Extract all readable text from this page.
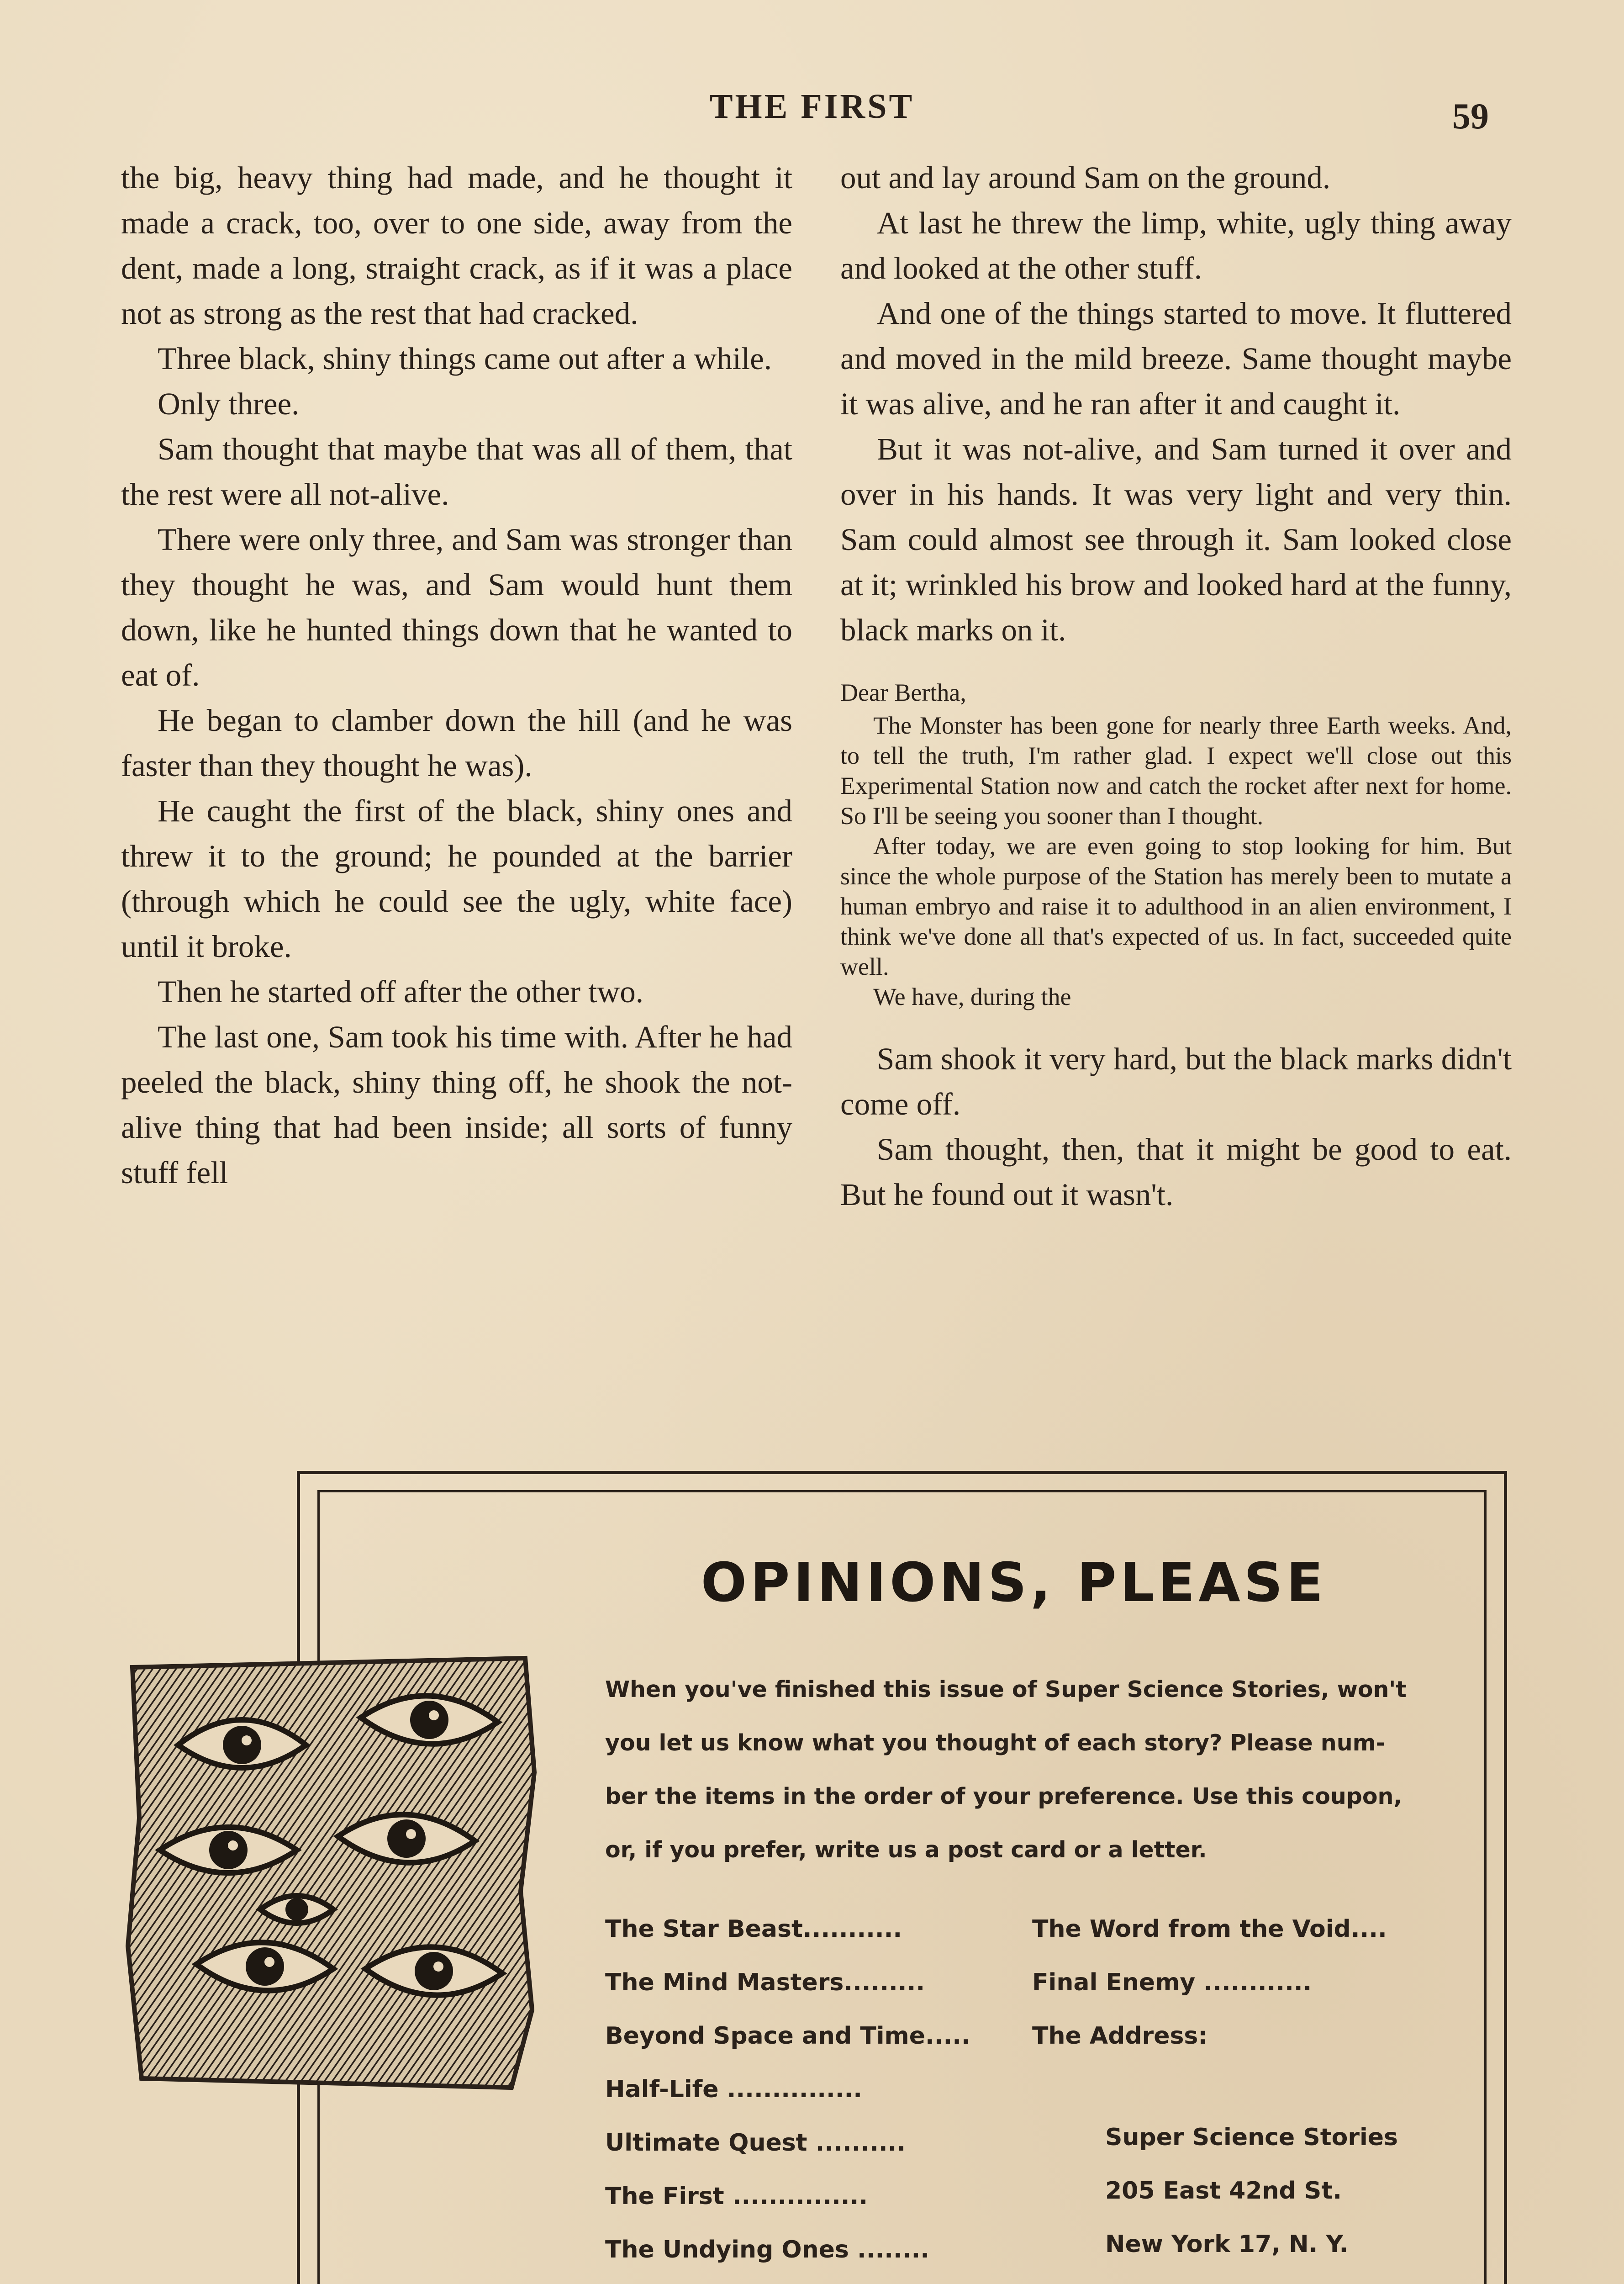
THE FIRST	59

the big, heavy thing had made, and he thought it made a crack, too, over to one side, away from the dent, made a long, straight crack, as if it was a place not as strong as the rest that had cracked.

Three black, shiny things came out after a while.

Only three.

Sam thought that maybe that was all of them, that the rest were all not-alive.

There were only three, and Sam was stronger than they thought he was, and Sam would hunt them down, like he hunted things down that he wanted to eat of.

He began to clamber down the hill (and he was faster than they thought he was).

He caught the first of the black, shiny ones and threw it to the ground; he pounded at the barrier (through which he could see the ugly, white face) until it broke.

Then he started off after the other two.

The last one, Sam took his time with. After he had peeled the black, shiny thing off, he shook the not-alive thing that had been inside; all sorts of funny stuff fell

out and lay around Sam on the ground.

At last he threw the limp, white, ugly thing away and looked at the other stuff.

And one of the things started to move. It fluttered and moved in the mild breeze. Same thought maybe it was alive, and he ran after it and caught it.

But it was not-alive, and Sam turned it over and over in his hands. It was very light and very thin. Sam could almost see through it. Sam looked close at it; wrinkled his brow and looked hard at the funny, black marks on it.

Dear Bertha,

The Monster has been gone for nearly three Earth weeks. And, to tell the truth, I'm rather glad. I expect we'll close out this Experimental Station now and catch the rocket after next for home. So I'll be seeing you sooner than I thought.

After today, we are even going to stop looking for him. But since the whole purpose of the Station has merely been to mutate a human embryo and raise it to adulthood in an alien environment, I think we've done all that's expected of us. In fact, succeeded quite well.

We have, during the

Sam shook it very hard, but the black marks didn't come off.

Sam thought, then, that it might be good to eat. But he found out it wasn't.

OPINIONS, PLEASE
When you've finished this issue of Super Science Stories, won't
you let us know what you thought of each story? Please num-
ber the items in the order of your preference. Use this coupon,
or, if you prefer, write us a post card or a letter.
The Star Beast...........
The Mind Masters.........
Beyond Space and Time.....
Half-Life ...............
Ultimate Quest ..........
The First ...............
The Undying Ones ........
The Word from the Void....
Final Enemy ............
The Address:
Super Science Stories
205 East 42nd St.
New York 17, N. Y.
